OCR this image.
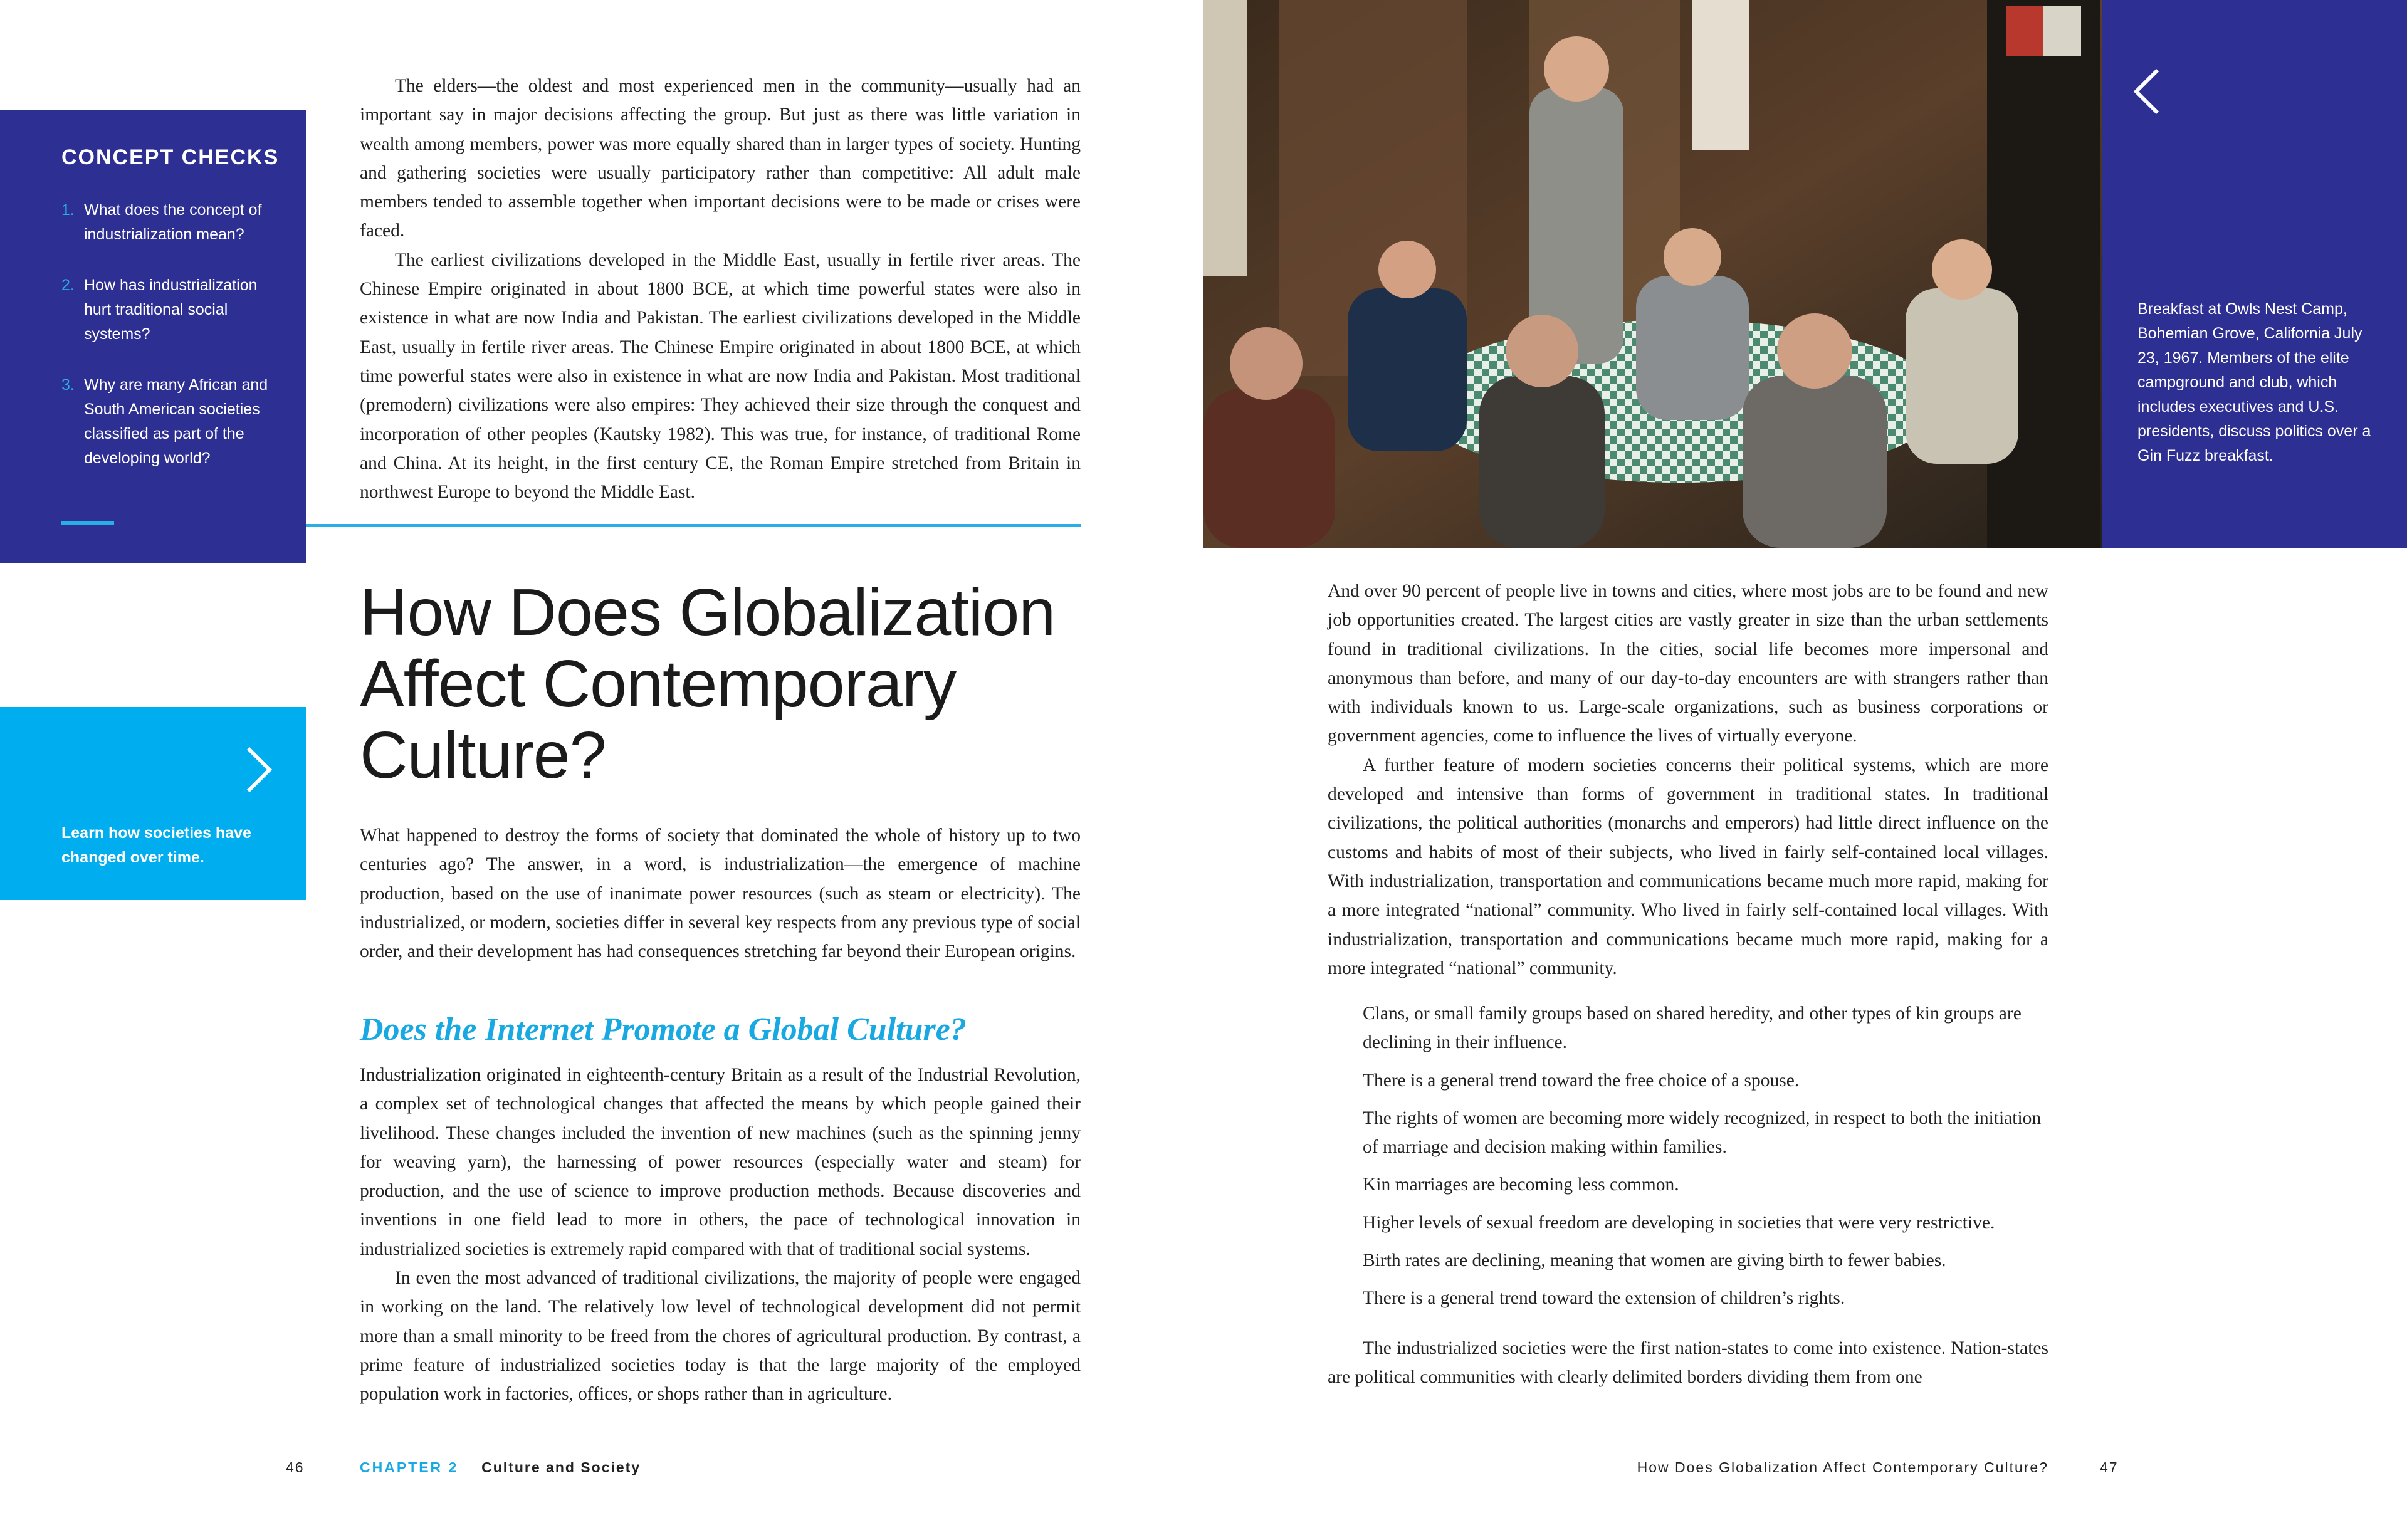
CONCEPT CHECKS
1. What does the concept of industrialization mean?
2. How has industrialization hurt traditional social systems?
3. Why are many African and South American societies classified as part of the developing world?
Learn how societies have changed over time.

The elders—the oldest and most experienced men in the community—usually had an important say in major decisions affecting the group. But just as there was little variation in wealth among members, power was more equally shared than in larger types of society. Hunting and gathering societies were usually participatory rather than competitive: All adult male members tended to assemble together when important decisions were to be made or crises were faced.

The earliest civilizations developed in the Middle East, usually in fertile river areas. The Chinese Empire originated in about 1800 BCE, at which time powerful states were also in existence in what are now India and Pakistan. The earliest civilizations developed in the Middle East, usually in fertile river areas. The Chinese Empire originated in about 1800 BCE, at which time powerful states were also in existence in what are now India and Pakistan. Most traditional (premodern) civilizations were also empires: They achieved their size through the conquest and incorporation of other peoples (Kautsky 1982). This was true, for instance, of traditional Rome and China. At its height, in the first century CE, the Roman Empire stretched from Britain in northwest Europe to beyond the Middle East.

How Does Globalization Affect Contemporary Culture?

What happened to destroy the forms of society that dominated the whole of history up to two centuries ago? The answer, in a word, is industrialization—the emergence of machine production, based on the use of inanimate power resources (such as steam or electricity). The industrialized, or modern, societies differ in several key respects from any previous type of social order, and their development has had consequences stretching far beyond their European origins.

Does the Internet Promote a Global Culture?

Industrialization originated in eighteenth-century Britain as a result of the Industrial Revolution, a complex set of technological changes that affected the means by which people gained their livelihood. These changes included the invention of new machines (such as the spinning jenny for weaving yarn), the harnessing of power resources (especially water and steam) for production, and the use of science to improve production methods. Because discoveries and inventions in one field lead to more in others, the pace of technological innovation in industrialized societies is extremely rapid compared with that of traditional social systems.

In even the most advanced of traditional civilizations, the majority of people were engaged in working on the land. The relatively low level of technological development did not permit more than a small minority to be freed from the chores of agricultural production. By contrast, a prime feature of industrialized societies today is that the large majority of the employed population work in factories, offices, or shops rather than in agriculture.

Breakfast at Owls Nest Camp, Bohemian Grove, California July 23, 1967. Members of the elite campground and club, which includes executives and U.S. presidents, discuss politics over a Gin Fuzz breakfast.

And over 90 percent of people live in towns and cities, where most jobs are to be found and new job opportunities created. The largest cities are vastly greater in size than the urban settlements found in traditional civilizations. In the cities, social life becomes more impersonal and anonymous than before, and many of our day-to-day encounters are with strangers rather than with individuals known to us. Large-scale organizations, such as business corporations or government agencies, come to influence the lives of virtually everyone.

A further feature of modern societies concerns their political systems, which are more developed and intensive than forms of government in traditional states. In traditional civilizations, the political authorities (monarchs and emperors) had little direct influence on the customs and habits of most of their subjects, who lived in fairly self-contained local villages. With industrialization, transportation and communications became much more rapid, making for a more integrated “national” community. Who lived in fairly self-contained local villages. With industrialization, transportation and communications became much more rapid, making for a more integrated “national” community.

Clans, or small family groups based on shared heredity, and other types of kin groups are declining in their influence.
There is a general trend toward the free choice of a spouse.
The rights of women are becoming more widely recognized, in respect to both the initiation of marriage and decision making within families.
Kin marriages are becoming less common.
Higher levels of sexual freedom are developing in societies that were very restrictive.
Birth rates are declining, meaning that women are giving birth to fewer babies.
There is a general trend toward the extension of children’s rights.

The industrialized societies were the first nation-states to come into existence. Nation-states are political communities with clearly delimited borders dividing them from one

46	CHAPTER 2 Culture and Society	How Does Globalization Affect Contemporary Culture?	47
